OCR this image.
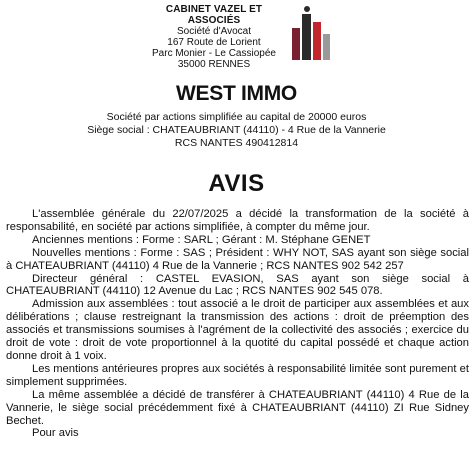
CABINET VAZEL ET ASSOCIÉS
Société d'Avocat
167 Route de Lorient
Parc Monier - Le Cassiopée
35000 RENNES
WEST IMMO
Société par actions simplifiée au capital de 20000 euros
Siège social : CHATEAUBRIANT (44110) - 4 Rue de la Vannerie
RCS NANTES 490412814
AVIS

L'assemblée générale du 22/07/2025 a décidé la transformation de la société à responsabilité, en société par actions simplifiée, à compter du même jour.

Anciennes mentions : Forme : SARL ; Gérant : M. Stéphane GENET

Nouvelles mentions : Forme : SAS ; Président : WHY NOT, SAS ayant son siège social à CHATEAUBRIANT (44110) 4 Rue de la Vannerie ; RCS NANTES 902 542 257

Directeur général : CASTEL EVASION, SAS ayant son siège social à CHATEAUBRIANT (44110) 12 Avenue du Lac ; RCS NANTES 902 545 078.

Admission aux assemblées : tout associé a le droit de participer aux assemblées et aux délibérations ; clause restreignant la transmission des actions : droit de préemption des associés et transmissions soumises à l'agrément de la collectivité des associés ; exercice du droit de vote : droit de vote proportionnel à la quotité du capital possédé et chaque action donne droit à 1 voix.

Les mentions antérieures propres aux sociétés à responsabilité limitée sont purement et simplement supprimées.

La même assemblée a décidé de transférer à CHATEAUBRIANT (44110) 4 Rue de la Vannerie, le siège social précédemment fixé à CHATEAUBRIANT (44110) ZI Rue Sidney Bechet.

Pour avis
